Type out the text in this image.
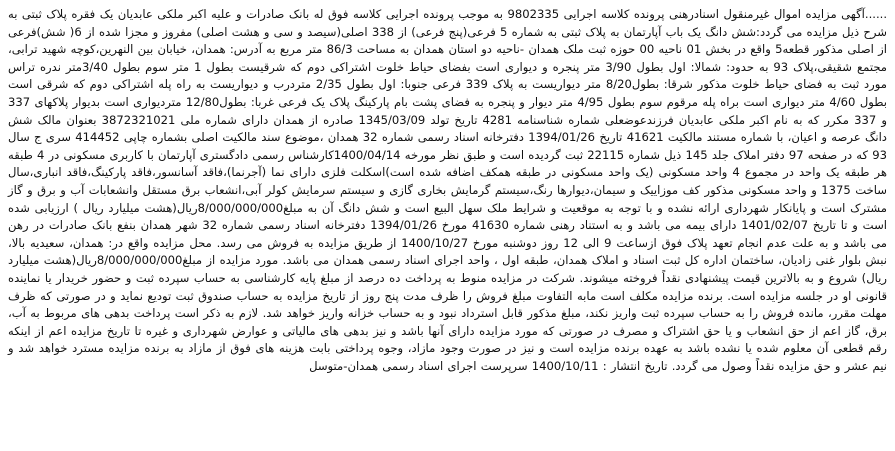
......آگهی مزایده اموال غیرمنقول اسنادرهنی پرونده کلاسه اجرایی 9802335 به موجب پرونده اجرایی کلاسه فوق له بانک صادرات و علیه اکبر ملکی عابدیان یک فقره پلاک ثبتی به شرح ذیل مزایده می گردد:شش دانگ یک باب آپارتمان به پلاک ثبتی به شماره 5 فرعی(پنج فرعی) از 338 اصلی(سیصد و سی و هشت اصلی) مفروز و مجزا شده از 6( شش)فرعی از اصلی مذکور قطعه5 واقع در بخش 01 ناحیه 00 حوزه ثبت ملک همدان -ناحیه دو استان همدان به مساحت 86/3 متر مربع به آدرس: همدان، خیابان بین النهرین،کوچه شهید ترابی، مجتمع شقیقی،پلاک 93 به حدود: شمالا: اول بطول 3/90 متر پنجره و دیواری است بفضای حیاط خلوت اشتراکی دوم که شرقیست بطول 1 متر سوم بطول 3/40متر ندره تراس مورد ثبت به فضای حیاط خلوت مذکور شرقا: بطول8/20 متر دیواریست به پلاک 339 فرعی جنوبا: اول بطول 2/35 متردرب و دیواریست به راه پله اشتراکی دوم که شرقی است بطول 4/60 متر دیواری است براه پله مرقوم سوم بطول 4/95 متر دیوار و پنجره به فضای پشت بام پارکینگ پلاک یک فرعی غربا: بطول12/80 متردیواری است بدیوار پلاکهای 337 و 337 مکرر که به نام اکبر ملکی عابدیان فرزندعوضعلی شماره شناسنامه 4281 تاریخ تولد 1345/03/09 صادره از همدان دارای شماره ملی 3872321021 بعنوان مالک شش دانگ عرصه و اعیان، با شماره مستند مالکیت 41621 تاریخ 1394/01/26 دفترخانه اسناد رسمی شماره 32 همدان ،موضوع سند مالکیت اصلی بشماره چاپی 414452 سری ج سال 93 که در صفحه 97 دفتر املاک جلد 145 ذیل شماره 22115 ثبت گردیده است و طبق نظر مورخه 1400/04/14کارشناس رسمی دادگستری آپارتمان با کاربری مسکونی در 4 طبقه هر طبقه یک واحد در مجموع 4 واحد مسکونی (یک واحد مسکونی در طبقه همکف اضافه شده است)اسکلت فلزی دارای نما (آجرنما)،فاقد آسانسور،فاقد پارکینگ،فاقد انباری،سال ساخت 1375 و واحد مسکونی مذکور کف موزاییک و سیمان،دیوارها رنگ،سیستم گرمایش بخاری گازی و سیستم سرمایش کولر آبی،انشعاب برق مستقل وانشعابات آب و برق و گاز مشترک است و پایانکار شهرداری ارائه نشده و با توجه به موقعیت و شرایط ملک سهل البیع است و شش دانگ آن به مبلغ8/000/000/000ریال(هشت میلیارد ریال ) ارزیابی شده است و تا تاریخ 1401/02/07 دارای بیمه می باشد و به استناد رهنی شماره 41630 مورخ 1394/01/26 دفترخانه اسناد رسمی شماره 32 شهر همدان بنفع بانک صادرات در رهن می باشد و به علت عدم انجام تعهد پلاک فوق ازساعت 9 الی 12 روز دوشنبه مورخ 1400/10/27 از طریق مزایده به فروش می رسد. محل مزایده واقع در: همدان، سعیدیه بالا، نبش بلوار غنی زادیان، ساختمان اداره کل ثبت اسناد و املاک همدان، طبقه اول ، واحد اجرای اسناد رسمی همدان می باشد. مورد مزایده از مبلغ8/000/000/000ریال(هشت میلیارد ریال) شروع و به بالاترین قیمت پیشنهادی نقداً فروخته میشوند. شرکت در مزایده منوط به پرداخت ده درصد از مبلغ پایه کارشناسی به حساب سپرده ثبت و حضور خریدار یا نماینده قانونی او در جلسه مزایده است. برنده مزایده مکلف است مابه التفاوت مبلغ فروش را ظرف مدت پنج روز از تاریخ مزایده به حساب صندوق ثبت تودیع نماید و در صورتی که ظرف مهلت مقرر، مانده فروش را به حساب سپرده ثبت واریز نکند، مبلغ مذکور قابل استرداد نبود و به حساب خزانه واریز خواهد شد. لازم به ذکر است پرداخت بدهی های مربوط به آب، برق، گاز اعم از حق انشعاب و یا حق اشتراک و مصرف در صورتی که مورد مزایده دارای آنها باشد و نیز بدهی های مالیاتی و عوارض شهرداری و غیره تا تاریخ مزایده اعم از اینکه رقم قطعی آن معلوم شده یا نشده باشد به عهده برنده مزایده است و نیز در صورت وجود مازاد، وجوه پرداختی بابت هزینه های فوق از مازاد به برنده مزایده مسترد خواهد شد و نیم عشر و حق مزایده نقداً وصول می گردد. تاریخ انتشار : 1400/10/11 سرپرست اجرای اسناد رسمی همدان-متوسل
